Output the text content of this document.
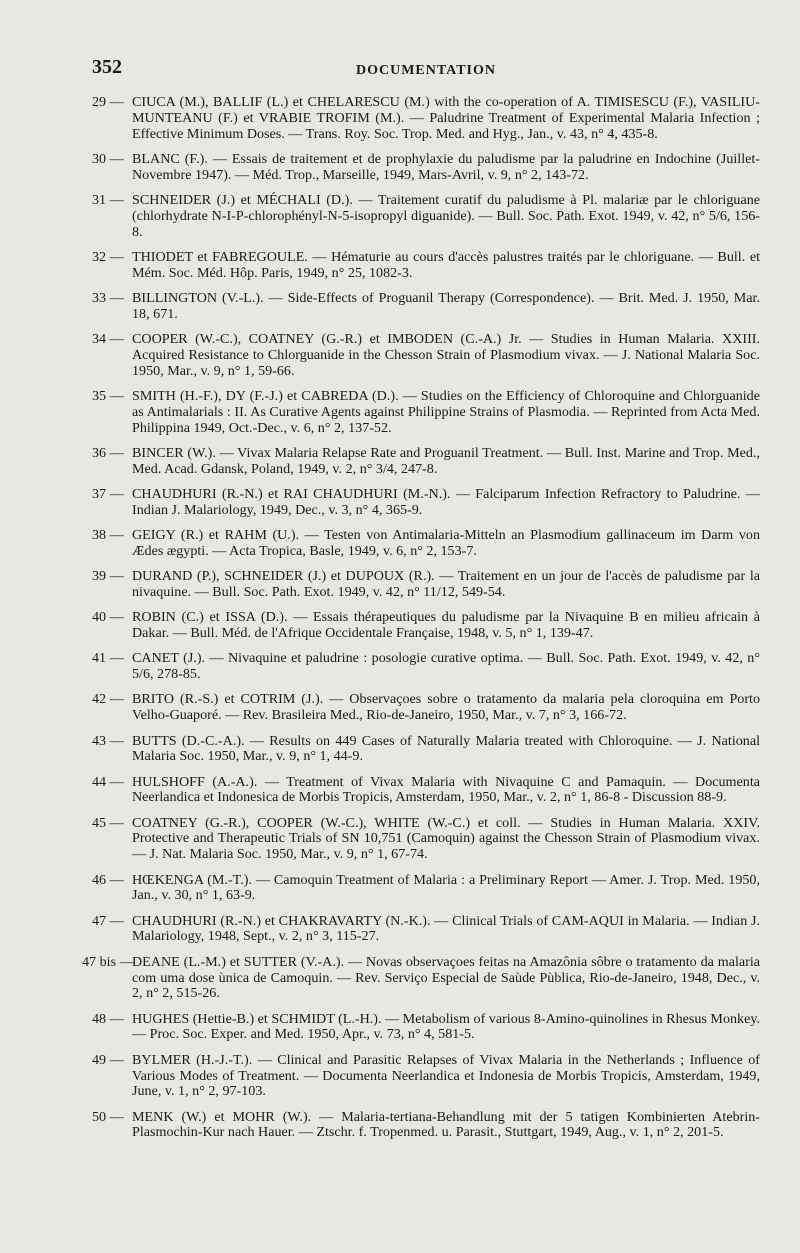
352	DOCUMENTATION
29 — CIUCA (M.), BALLIF (L.) et CHELARESCU (M.) with the co-operation of A. TIMISESCU (F.), VASILIU-MUNTEANU (F.) et VRABIE TROFIM (M.). — Paludrine Treatment of Experimental Malaria Infection ; Effective Minimum Doses. — Trans. Roy. Soc. Trop. Med. and Hyg., Jan., v. 43, n° 4, 435-8.
30 — BLANC (F.). — Essais de traitement et de prophylaxie du paludisme par la paludrine en Indochine (Juillet-Novembre 1947). — Méd. Trop., Marseille, 1949, Mars-Avril, v. 9, n° 2, 143-72.
31 — SCHNEIDER (J.) et MÉCHALI (D.). — Traitement curatif du paludisme à Pl. malariæ par le chloriguane (chlorhydrate N-I-P-chlorophényl-N-5-isopropyl diguanide). — Bull. Soc. Path. Exot. 1949, v. 42, n° 5/6, 156-8.
32 — THIODET et FABREGOULE. — Hématurie au cours d'accès palustres traités par le chloriguane. — Bull. et Mém. Soc. Méd. Hôp. Paris, 1949, n° 25, 1082-3.
33 — BILLINGTON (V.-L.). — Side-Effects of Proguanil Therapy (Correspondence). — Brit. Med. J. 1950, Mar. 18, 671.
34 — COOPER (W.-C.), COATNEY (G.-R.) et IMBODEN (C.-A.) Jr. — Studies in Human Malaria. XXIII. Acquired Resistance to Chlorguanide in the Chesson Strain of Plasmodium vivax. — J. National Malaria Soc. 1950, Mar., v. 9, n° 1, 59-66.
35 — SMITH (H.-F.), DY (F.-J.) et CABREDA (D.). — Studies on the Efficiency of Chloroquine and Chlorguanide as Antimalarials : II. As Curative Agents against Philippine Strains of Plasmodia. — Reprinted from Acta Med. Philippina 1949, Oct.-Dec., v. 6, n° 2, 137-52.
36 — BINCER (W.). — Vivax Malaria Relapse Rate and Proguanil Treatment. — Bull. Inst. Marine and Trop. Med., Med. Acad. Gdansk, Poland, 1949, v. 2, n° 3/4, 247-8.
37 — CHAUDHURI (R.-N.) et RAI CHAUDHURI (M.-N.). — Falciparum Infection Refractory to Paludrine. — Indian J. Malariology, 1949, Dec., v. 3, n° 4, 365-9.
38 — GEIGY (R.) et RAHM (U.). — Testen von Antimalaria-Mitteln an Plasmodium gallinaceum im Darm von Ædes ægypti. — Acta Tropica, Basle, 1949, v. 6, n° 2, 153-7.
39 — DURAND (P.), SCHNEIDER (J.) et DUPOUX (R.). — Traitement en un jour de l'accès de paludisme par la nivaquine. — Bull. Soc. Path. Exot. 1949, v. 42, n° 11/12, 549-54.
40 — ROBIN (C.) et ISSA (D.). — Essais thérapeutiques du paludisme par la Nivaquine B en milieu africain à Dakar. — Bull. Méd. de l'Afrique Occidentale Française, 1948, v. 5, n° 1, 139-47.
41 — CANET (J.). — Nivaquine et paludrine : posologie curative optima. — Bull. Soc. Path. Exot. 1949, v. 42, n° 5/6, 278-85.
42 — BRITO (R.-S.) et COTRIM (J.). — Observaçoes sobre o tratamento da malaria pela cloroquina em Porto Velho-Guaporé. — Rev. Brasileira Med., Rio-de-Janeiro, 1950, Mar., v. 7, n° 3, 166-72.
43 — BUTTS (D.-C.-A.). — Results on 449 Cases of Naturally Malaria treated with Chloroquine. — J. National Malaria Soc. 1950, Mar., v. 9, n° 1, 44-9.
44 — HULSHOFF (A.-A.). — Treatment of Vivax Malaria with Nivaquine C and Pamaquin. — Documenta Neerlandica et Indonesica de Morbis Tropicis, Amsterdam, 1950, Mar., v. 2, n° 1, 86-8 - Discussion 88-9.
45 — COATNEY (G.-R.), COOPER (W.-C.), WHITE (W.-C.) et coll. — Studies in Human Malaria. XXIV. Protective and Therapeutic Trials of SN 10,751 (Camoquin) against the Chesson Strain of Plasmodium vivax. — J. Nat. Malaria Soc. 1950, Mar., v. 9, n° 1, 67-74.
46 — HŒKENGA (M.-T.). — Camoquin Treatment of Malaria : a Preliminary Report — Amer. J. Trop. Med. 1950, Jan., v. 30, n° 1, 63-9.
47 — CHAUDHURI (R.-N.) et CHAKRAVARTY (N.-K.). — Clinical Trials of CAM-AQUI in Malaria. — Indian J. Malariology, 1948, Sept., v. 2, n° 3, 115-27.
47 bis —
DEANE (L.-M.) et SUTTER (V.-A.). — Novas observaçoes feitas na Amazônia sôbre o tratamento da malaria com uma dose ùnica de Camoquin. — Rev. Serviço Especial de Saùde Pùblica, Rio-de-Janeiro, 1948, Dec., v. 2, n° 2, 515-26.
48 — HUGHES (Hettie-B.) et SCHMIDT (L.-H.). — Metabolism of various 8-Amino-quinolines in Rhesus Monkey. — Proc. Soc. Exper. and Med. 1950, Apr., v. 73, n° 4, 581-5.
49 — BYLMER (H.-J.-T.). — Clinical and Parasitic Relapses of Vivax Malaria in the Netherlands ; Influence of Various Modes of Treatment. — Documenta Neerlandica et Indonesia de Morbis Tropicis, Amsterdam, 1949, June, v. 1, n° 2, 97-103.
50 — MENK (W.) et MOHR (W.). — Malaria-tertiana-Behandlung mit der 5 tatigen Kombinierten Atebrin-Plasmochin-Kur nach Hauer. — Ztschr. f. Tropenmed. u. Parasit., Stuttgart, 1949, Aug., v. 1, n° 2, 201-5.
